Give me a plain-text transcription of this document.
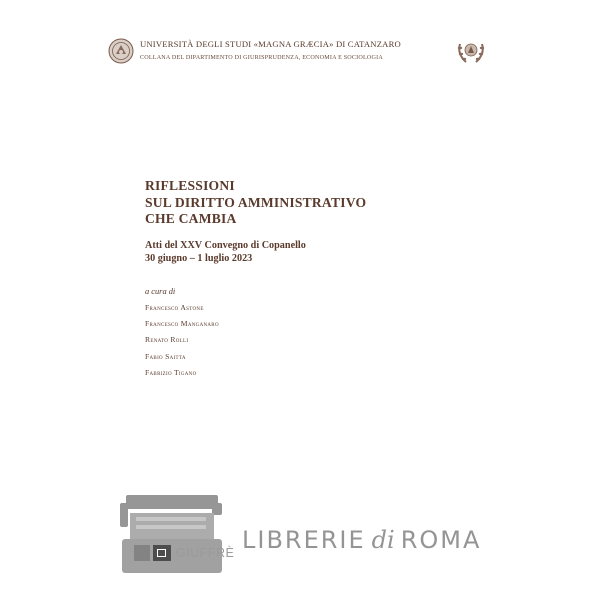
UNIVERSITÀ DEGLI STUDI «MAGNA GRÆCIA» DI CATANZARO
COLLANA DEL DIPARTIMENTO DI GIURISPRUDENZA, ECONOMIA E SOCIOLOGIA
RIFLESSIONI
SUL DIRITTO AMMINISTRATIVO
CHE CAMBIA
Atti del XXV Convegno di Copanello
30 giugno – 1 luglio 2023
a cura di
Francesco Astone
Francesco Manganaro
Renato Rolli
Fabio Saitta
Fabrizio Tigano
GIUFFRÈ LIBRERIE di ROMA
